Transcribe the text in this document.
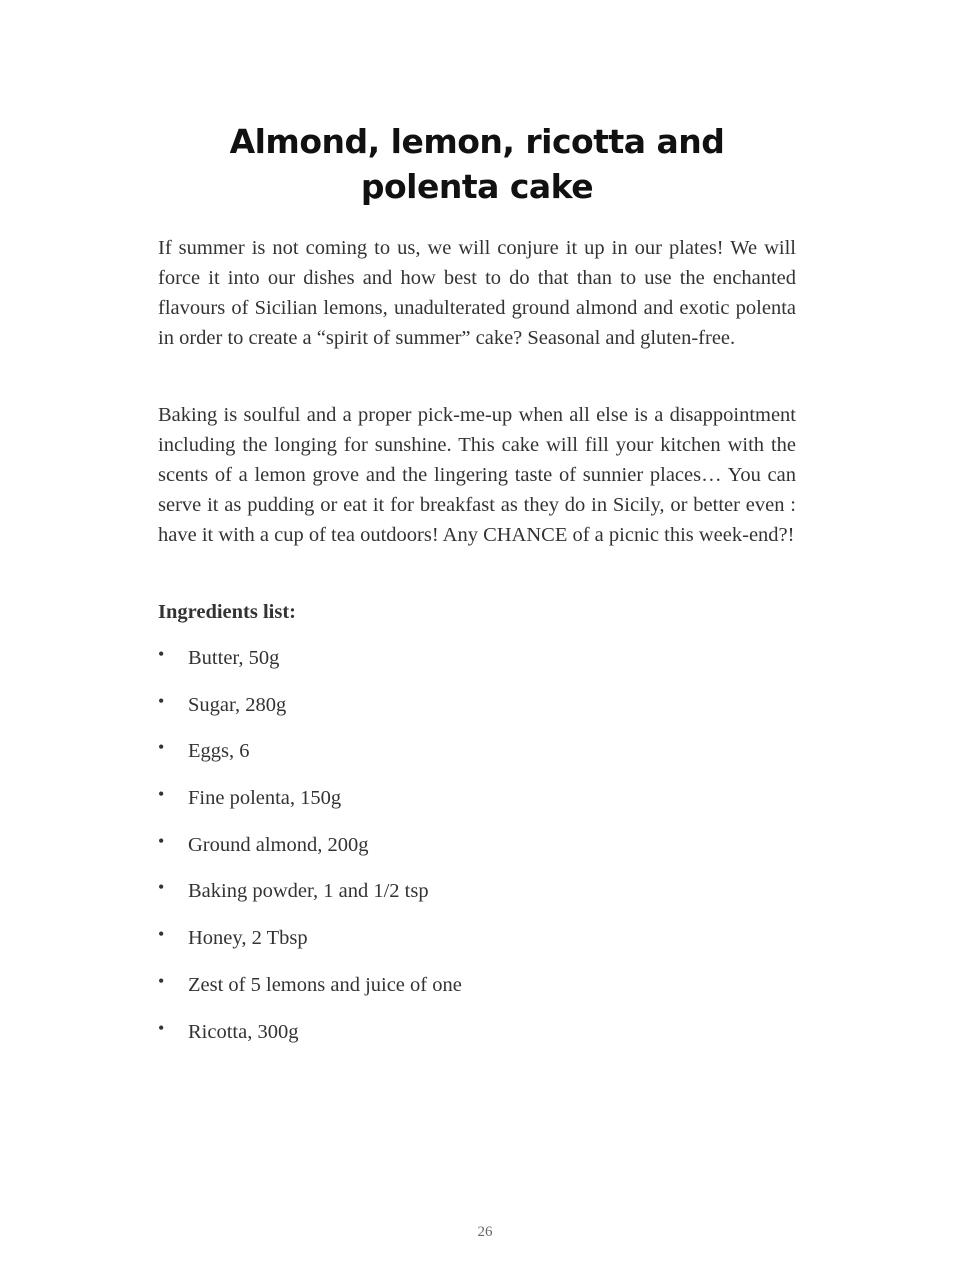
Almond, lemon, ricotta and polenta cake

If summer is not coming to us, we will conjure it up in our plates! We will force it into our dishes and how best to do that than to use the enchanted flavours of Sicilian lemons, unadulterated ground almond and exotic polenta in order to create a “spirit of summer” cake? Seasonal and gluten-free.

Baking is soulful and a proper pick-me-up when all else is a disappointment including the longing for sunshine. This cake will fill your kitchen with the scents of a lemon grove and the lingering taste of sunnier places… You can serve it as pudding or eat it for breakfast as they do in Sicily, or better even : have it with a cup of tea outdoors! Any CHANCE of a picnic this week-end?!

Ingredients list:

• Butter, 50g
• Sugar, 280g
• Eggs, 6
• Fine polenta, 150g
• Ground almond, 200g
• Baking powder, 1 and 1/2 tsp
• Honey, 2 Tbsp
• Zest of 5 lemons and juice of one
• Ricotta, 300g
26
